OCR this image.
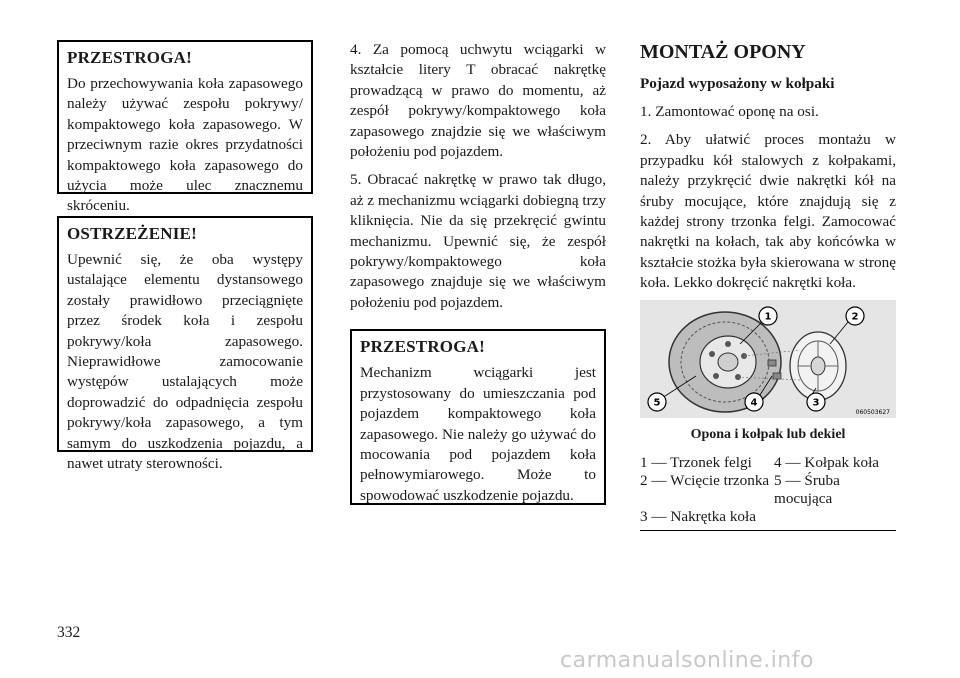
PRZESTROGA!
Do przechowywania koła zapasowego należy używać zespołu pokrywy/ kompaktowego koła zapasowego. W przeciwnym razie okres przydatności kompaktowego koła zapasowego do użycia może ulec znacznemu skróceniu.
OSTRZEŻENIE!
Upewnić się, że oba występy ustalające elementu dystansowego zostały prawidłowo przeciągnięte przez środek koła i zespołu pokrywy/koła zapasowego. Nieprawidłowe zamocowanie występów ustalających może doprowadzić do odpadnięcia zespołu pokrywy/koła zapasowego, a tym samym do uszkodzenia pojazdu, a nawet utraty sterowności.

4. Za pomocą uchwytu wciągarki w kształcie litery T obracać nakrętkę prowadzącą w prawo do momentu, aż zespół pokrywy/kompaktowego koła zapasowego znajdzie się we właściwym położeniu pod pojazdem.

5. Obracać nakrętkę w prawo tak długo, aż z mechanizmu wciągarki dobiegną trzy kliknięcia. Nie da się przekręcić gwintu mechanizmu. Upewnić się, że zespół pokrywy/kompaktowego koła zapasowego znajduje się we właściwym położeniu pod pojazdem.

PRZESTROGA!
Mechanizm wciągarki jest przystosowany do umieszczania pod pojazdem kompaktowego koła zapasowego. Nie należy go używać do mocowania pod pojazdem koła pełnowymiarowego. Może to spowodować uszkodzenie pojazdu.
MONTAŻ OPONY
Pojazd wyposażony w kołpaki

1. Zamontować oponę na osi.

2. Aby ułatwić proces montażu w przypadku kół stalowych z kołpakami, należy przykręcić dwie nakrętki kół na śruby mocujące, które znajdują się z każdej strony trzonka felgi. Zamocować nakrętki na kołach, tak aby końcówka w kształcie stożka była skierowana w stronę koła. Lekko dokręcić nakrętki koła.

1	2
3
4
5
060503627
Opona i kołpak lub dekiel
1 — Trzonek felgi	4 — Kołpak koła
2 — Wcięcie trzonka 5 — Śruba mocująca
3 — Nakrętka koła
332
carmanualsonline.info
